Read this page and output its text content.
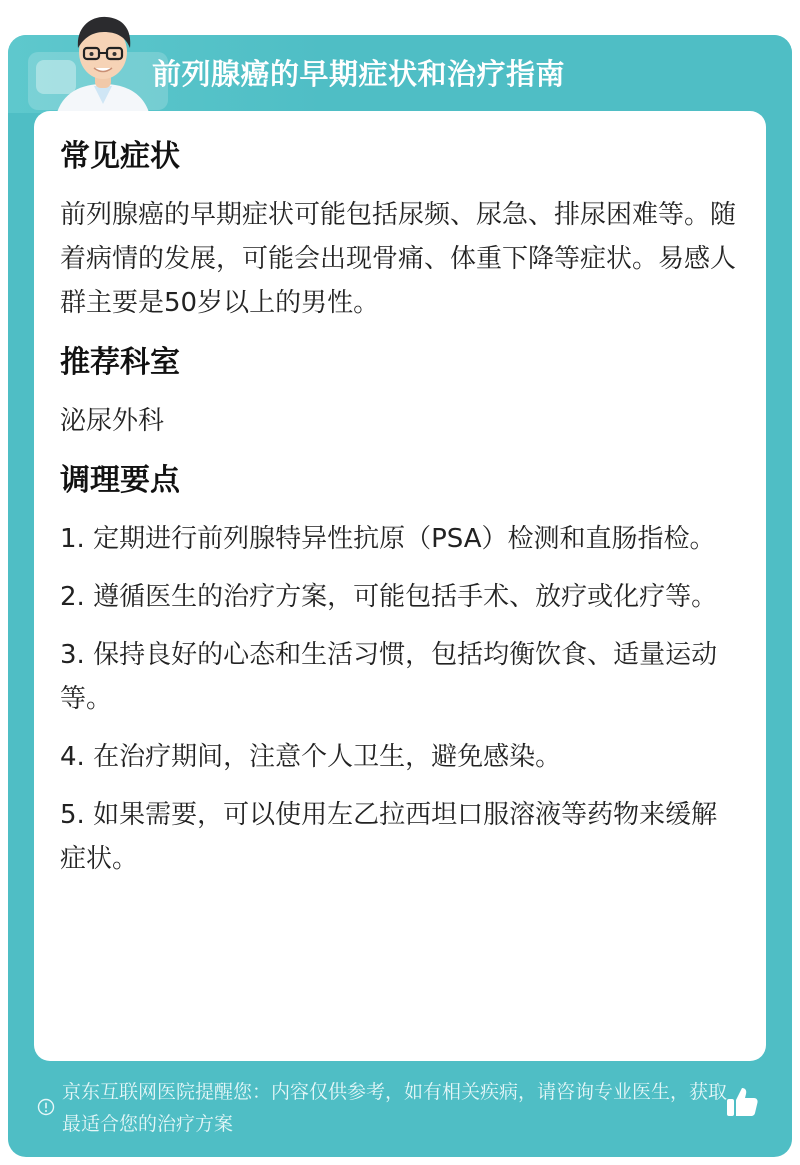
前列腺癌的早期症状和治疗指南
常见症状
前列腺癌的早期症状可能包括尿频、尿急、排尿困难等。随着病情的发展，可能会出现骨痛、体重下降等症状。易感人群主要是50岁以上的男性。
推荐科室
泌尿外科
调理要点
1. 定期进行前列腺特异性抗原（PSA）检测和直肠指检。
2. 遵循医生的治疗方案，可能包括手术、放疗或化疗等。
3. 保持良好的心态和生活习惯，包括均衡饮食、适量运动等。
4. 在治疗期间，注意个人卫生，避免感染。
5. 如果需要，可以使用左乙拉西坦口服溶液等药物来缓解症状。
京东互联网医院提醒您：内容仅供参考，如有相关疾病，请咨询专业医生，获取最适合您的治疗方案
